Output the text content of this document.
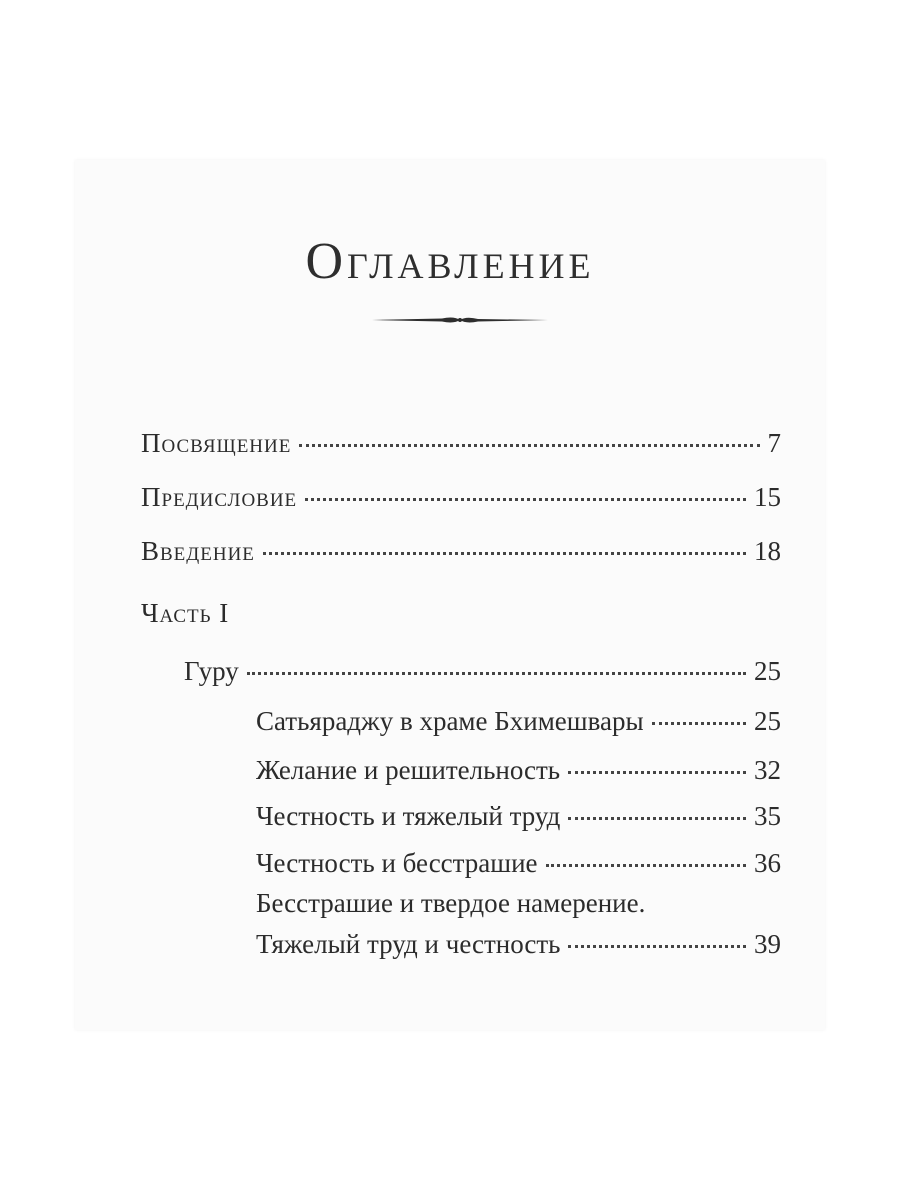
Оглавление
Посвящение	7
Предисловие	15
Введение	18
Часть I
Гуру	25
Сатьяраджу в храме Бхимешвары	25
Желание и решительность	32
Честность и тяжелый труд	35
Честность и бесстрашие	36
Бесстрашие и твердое намерение.
Тяжелый труд и честность	39
